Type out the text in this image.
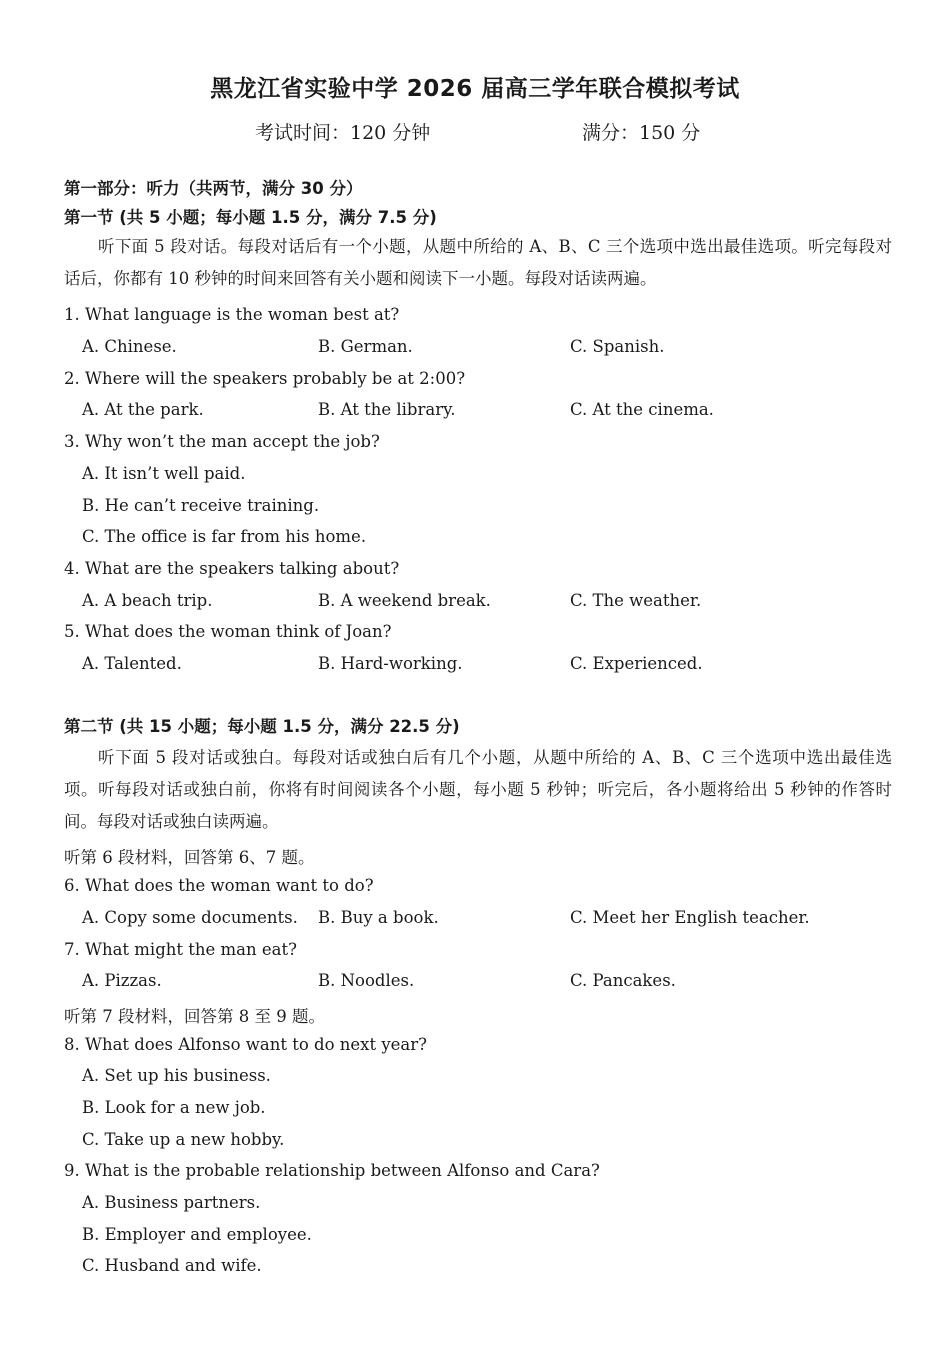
黑龙江省实验中学 2026 届高三学年联合模拟考试
考试时间：120 分钟	满分：150 分
第一部分：听力（共两节，满分 30 分）
第一节 (共 5 小题；每小题 1.5 分，满分 7.5 分)
听下面 5 段对话。每段对话后有一个小题，从题中所给的 A、B、C 三个选项中选出最佳选项。听完每段对话后，你都有 10 秒钟的时间来回答有关小题和阅读下一小题。每段对话读两遍。
1. What language is the woman best at?
A. Chinese.	B. German.	C. Spanish.
2. Where will the speakers probably be at 2:00?
A. At the park.	B. At the library.	C. At the cinema.
3. Why won’t the man accept the job?
A. It isn’t well paid.
B. He can’t receive training.
C. The office is far from his home.
4. What are the speakers talking about?
A. A beach trip.	B. A weekend break.	C. The weather.
5. What does the woman think of Joan?
A. Talented.	B. Hard-working.	C. Experienced.
第二节 (共 15 小题；每小题 1.5 分，满分 22.5 分)
听下面 5 段对话或独白。每段对话或独白后有几个小题，从题中所给的 A、B、C 三个选项中选出最佳选项。听每段对话或独白前，你将有时间阅读各个小题，每小题 5 秒钟；听完后，各小题将给出 5 秒钟的作答时间。每段对话或独白读两遍。
听第 6 段材料，回答第 6、7 题。
6. What does the woman want to do?
A. Copy some documents. B. Buy a book.	C. Meet her English teacher.
7. What might the man eat?
A. Pizzas.	B. Noodles.	C. Pancakes.
听第 7 段材料，回答第 8 至 9 题。
8. What does Alfonso want to do next year?
A. Set up his business.
B. Look for a new job.
C. Take up a new hobby.
9. What is the probable relationship between Alfonso and Cara?
A. Business partners.
B. Employer and employee.
C. Husband and wife.
